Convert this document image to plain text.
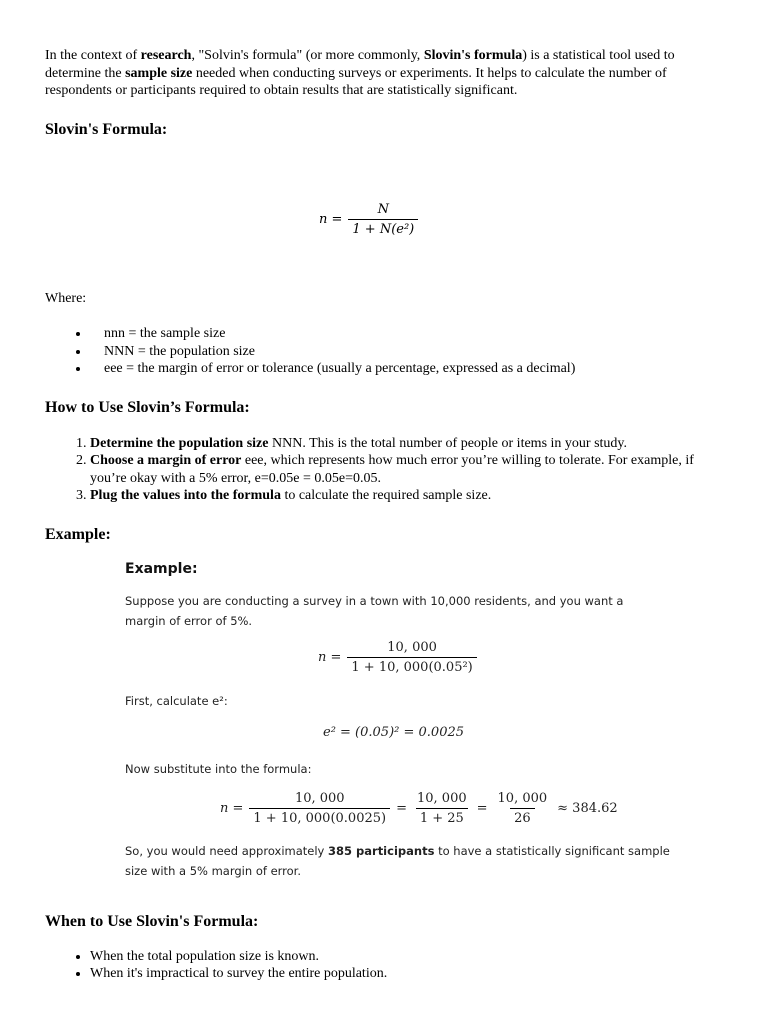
In the context of research, "Solvin's formula" (or more commonly, Slovin's formula) is a statistical tool used to determine the sample size needed when conducting surveys or experiments. It helps to calculate the number of respondents or participants required to obtain results that are statistically significant.

Slovin's Formula:
$n = \frac{N}{\text{1 + N(e²)}}$

Where:

• nnn = the sample size
• NNN = the population size
• eee = the margin of error or tolerance (usually a percentage, expressed as a decimal)
How to Use Slovin’s Formula:
1. Determine the population size NNN. This is the total number of people or items in your study.
2. Choose a margin of error eee, which represents how much error you’re willing to tolerate. For example, if you’re okay with a 5% error, e=0.05e = 0.05e=0.05.
3. Plug the values into the formula to calculate the required sample size.
Example:
Example:
Suppose you are conducting a survey in a town with 10,000 residents, and you want a margin of error of 5%.
$n = \frac{10, 000}{\text{1 + 10, 000(0.05²)}}$
First, calculate e²:
e² = (0.05)² = 0.0025
Now substitute into the formula:
$n = \frac{10, 000}{1 + 10, 000(0.0025)} = \frac{10, 000}{1 + 25} = \frac{10, 000}{26} \approx 384.62$
So, you would need approximately 385 participants to have a statistically significant sample size with a 5% margin of error.
When to Use Slovin's Formula:
• When the total population size is known.
• When it's impractical to survey the entire population.
